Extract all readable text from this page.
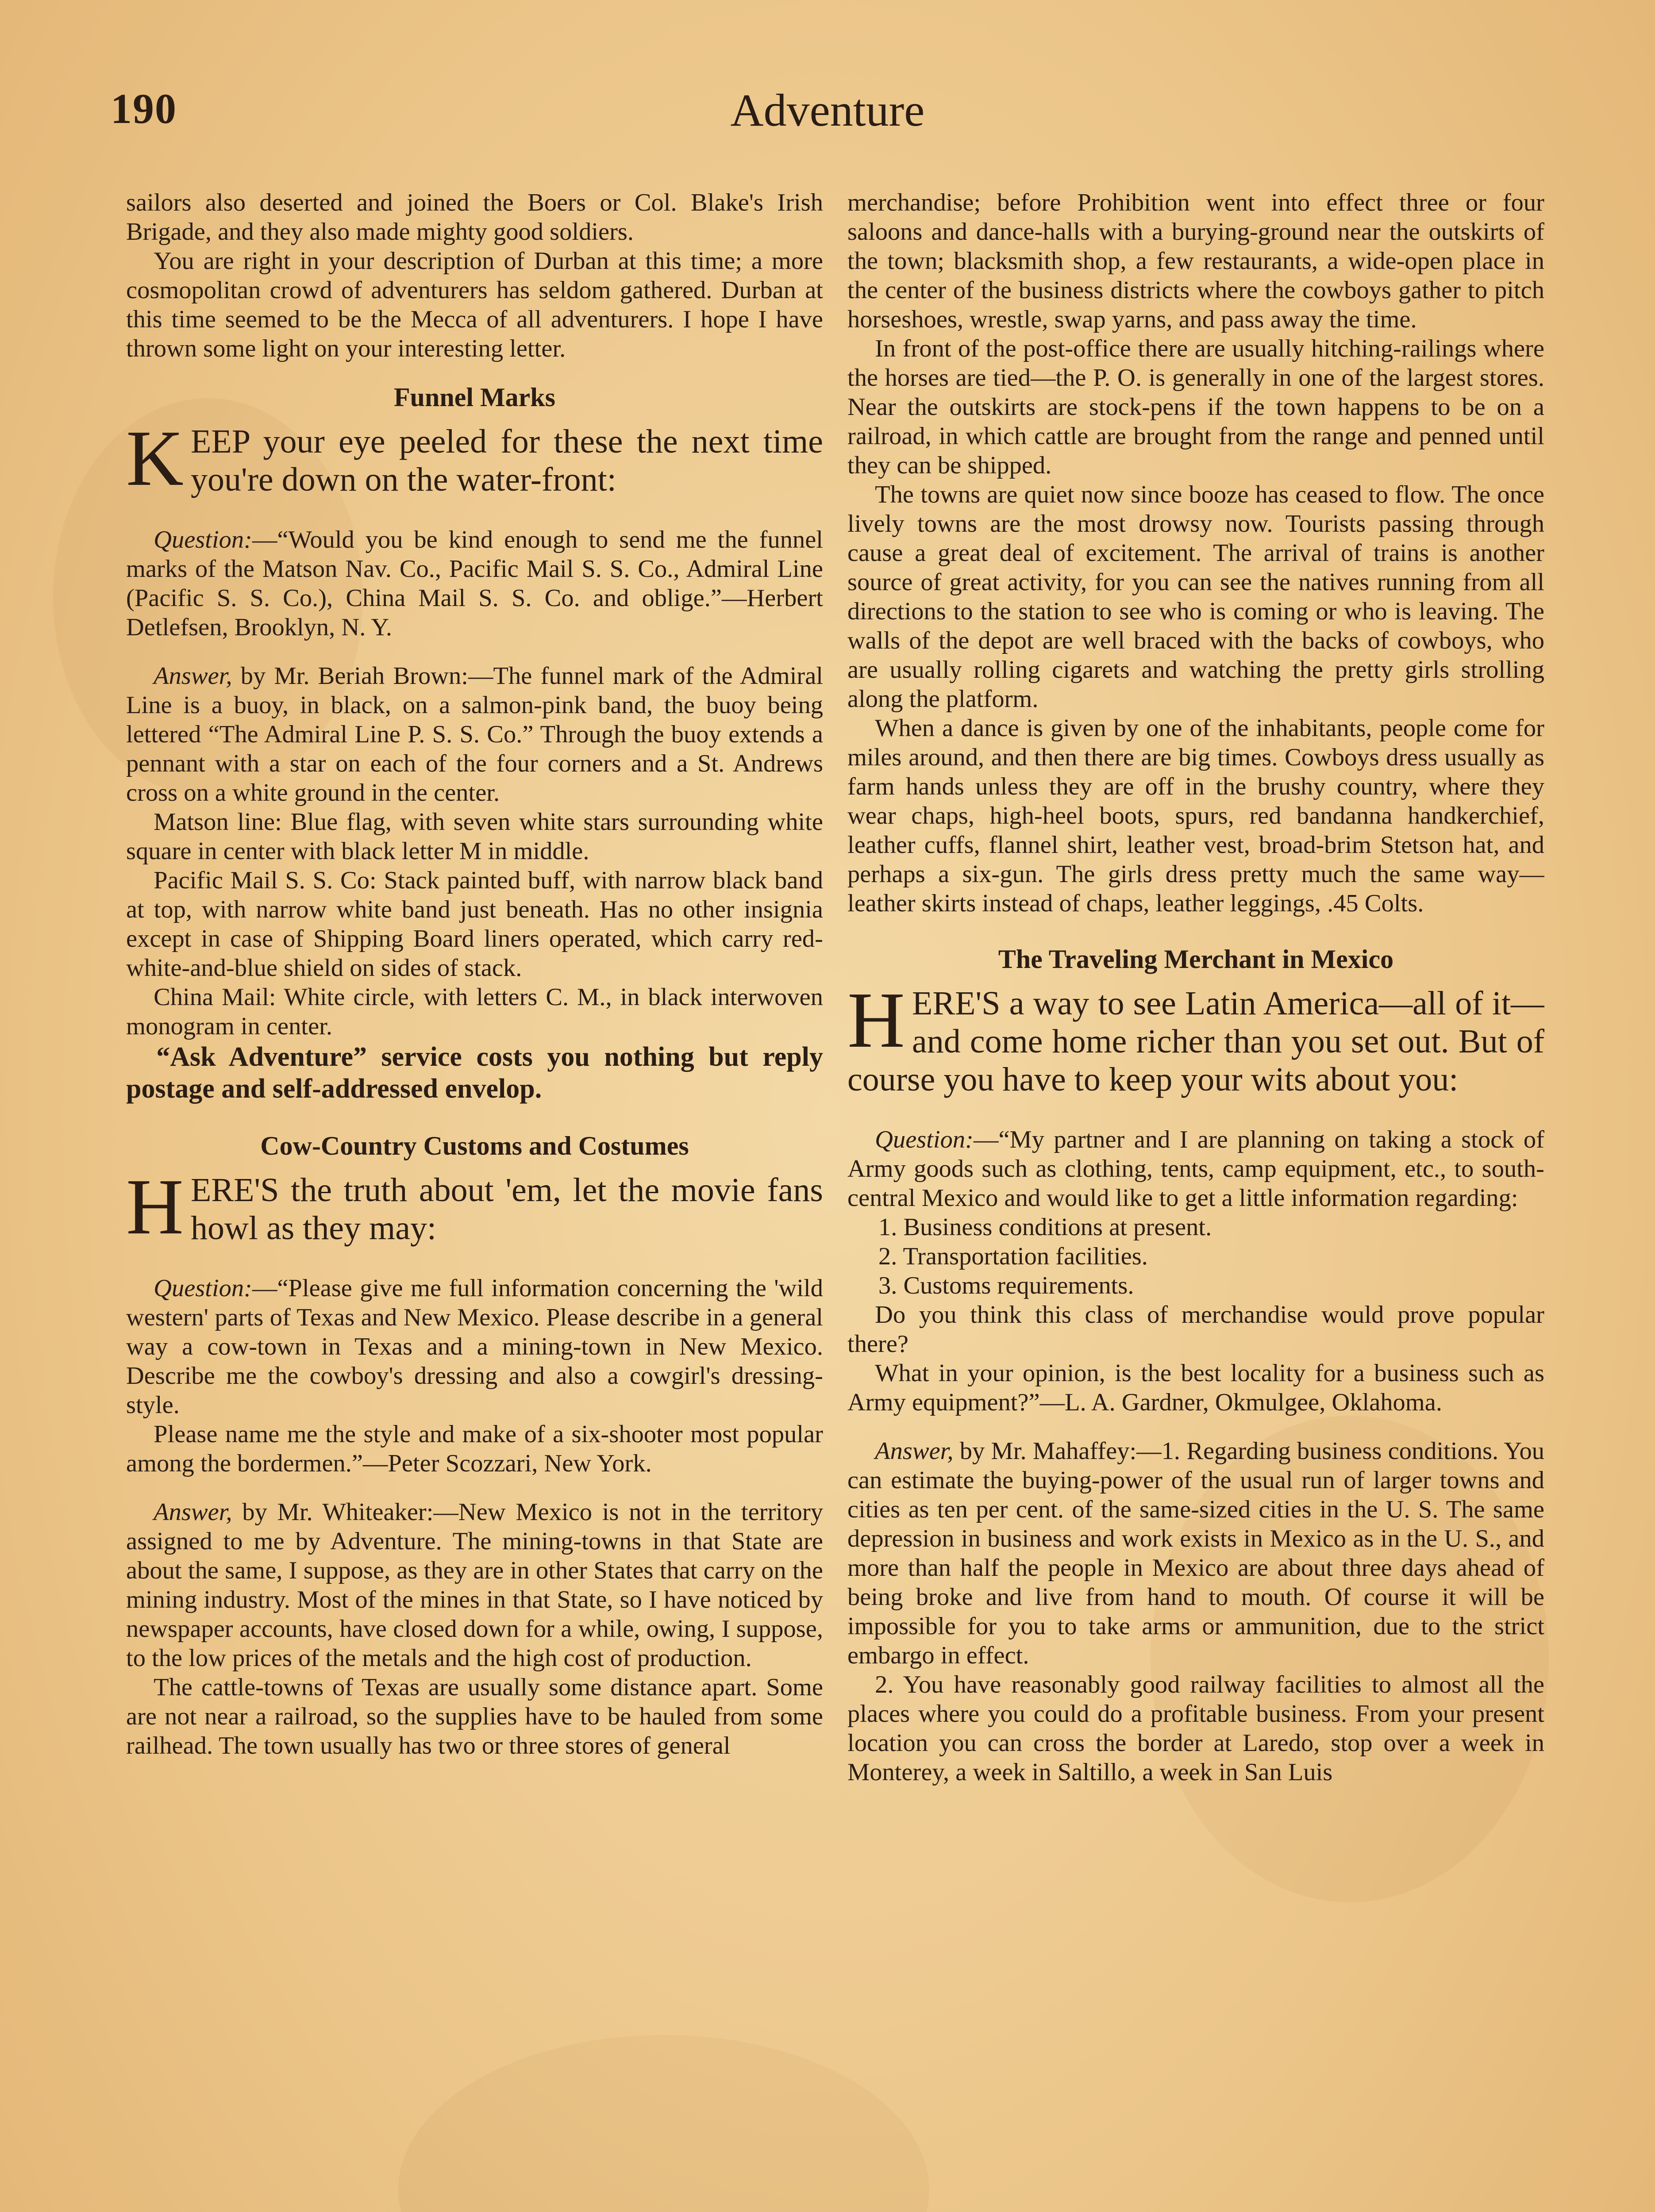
190	Adventure

sailors also deserted and joined the Boers or Col. Blake's Irish Brigade, and they also made mighty good soldiers.

You are right in your description of Durban at this time; a more cosmopolitan crowd of adventurers has seldom gathered. Durban at this time seemed to be the Mecca of all adventurers. I hope I have thrown some light on your interesting letter.

Funnel Marks
KEEP your eye peeled for these the next time you're down on the water-front:

Question:—“Would you be kind enough to send me the funnel marks of the Matson Nav. Co., Pacific Mail S. S. Co., Admiral Line (Pacific S. S. Co.), China Mail S. S. Co. and oblige.”—Herbert Detlefsen, Brooklyn, N. Y.

Answer, by Mr. Beriah Brown:—The funnel mark of the Admiral Line is a buoy, in black, on a salmon-pink band, the buoy being lettered “The Admiral Line P. S. S. Co.” Through the buoy extends a pennant with a star on each of the four corners and a St. Andrews cross on a white ground in the center.

Matson line: Blue flag, with seven white stars surrounding white square in center with black letter M in middle.

Pacific Mail S. S. Co: Stack painted buff, with narrow black band at top, with narrow white band just beneath. Has no other insignia except in case of Shipping Board liners operated, which carry red-white-and-blue shield on sides of stack.

China Mail: White circle, with letters C. M., in black interwoven monogram in center.

“Ask Adventure” service costs you nothing but reply postage and self-addressed envelop.

Cow-Country Customs and Costumes
HERE'S the truth about 'em, let the movie fans howl as they may:

Question:—“Please give me full information concerning the 'wild western' parts of Texas and New Mexico. Please describe in a general way a cow-town in Texas and a mining-town in New Mexico. Describe me the cowboy's dressing and also a cowgirl's dressing-style.

Please name me the style and make of a six-shooter most popular among the bordermen.”—Peter Scozzari, New York.

Answer, by Mr. Whiteaker:—New Mexico is not in the territory assigned to me by Adventure. The mining-towns in that State are about the same, I suppose, as they are in other States that carry on the mining industry. Most of the mines in that State, so I have noticed by newspaper accounts, have closed down for a while, owing, I suppose, to the low prices of the metals and the high cost of production.

The cattle-towns of Texas are usually some distance apart. Some are not near a railroad, so the supplies have to be hauled from some railhead. The town usually has two or three stores of general

merchandise; before Prohibition went into effect three or four saloons and dance-halls with a burying-ground near the outskirts of the town; blacksmith shop, a few restaurants, a wide-open place in the center of the business districts where the cowboys gather to pitch horseshoes, wrestle, swap yarns, and pass away the time.

In front of the post-office there are usually hitching-railings where the horses are tied—the P. O. is generally in one of the largest stores. Near the outskirts are stock-pens if the town happens to be on a railroad, in which cattle are brought from the range and penned until they can be shipped.

The towns are quiet now since booze has ceased to flow. The once lively towns are the most drowsy now. Tourists passing through cause a great deal of excitement. The arrival of trains is another source of great activity, for you can see the natives running from all directions to the station to see who is coming or who is leaving. The walls of the depot are well braced with the backs of cowboys, who are usually rolling cigarets and watching the pretty girls strolling along the platform.

When a dance is given by one of the inhabitants, people come for miles around, and then there are big times. Cowboys dress usually as farm hands unless they are off in the brushy country, where they wear chaps, high-heel boots, spurs, red bandanna handkerchief, leather cuffs, flannel shirt, leather vest, broad-brim Stetson hat, and perhaps a six-gun. The girls dress pretty much the same way—leather skirts instead of chaps, leather leggings, .45 Colts.

The Traveling Merchant in Mexico
HERE'S a way to see Latin America—all of it—and come home richer than you set out. But of course you have to keep your wits about you:

Question:—“My partner and I are planning on taking a stock of Army goods such as clothing, tents, camp equipment, etc., to south-central Mexico and would like to get a little information regarding:

1. Business conditions at present.

2. Transportation facilities.

3. Customs requirements.

Do you think this class of merchandise would prove popular there?

What in your opinion, is the best locality for a business such as Army equipment?”—L. A. Gardner, Okmulgee, Oklahoma.

Answer, by Mr. Mahaffey:—1. Regarding business conditions. You can estimate the buying-power of the usual run of larger towns and cities as ten per cent. of the same-sized cities in the U. S. The same depression in business and work exists in Mexico as in the U. S., and more than half the people in Mexico are about three days ahead of being broke and live from hand to mouth. Of course it will be impossible for you to take arms or ammunition, due to the strict embargo in effect.

2. You have reasonably good railway facilities to almost all the places where you could do a profitable business. From your present location you can cross the border at Laredo, stop over a week in Monterey, a week in Saltillo, a week in San Luis
